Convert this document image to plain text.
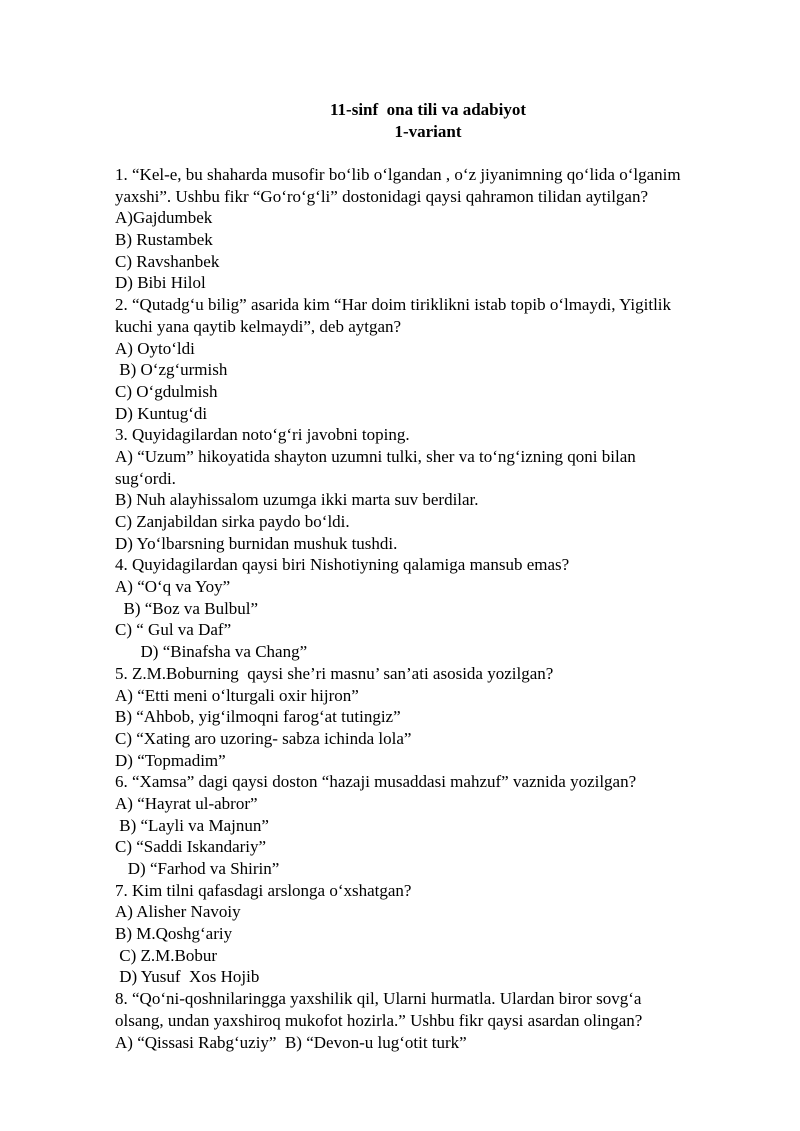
11-sinf  ona tili va adabiyot
1-variant
1. “Kel-e, bu shaharda musofir bo‘lib o‘lgandan , o‘z jiyanimning qo‘lida o‘lganim
yaxshi”. Ushbu fikr “Go‘ro‘g‘li” dostonidagi qaysi qahramon tilidan aytilgan?
A)Gajdumbek
B) Rustambek
C) Ravshanbek
D) Bibi Hilol
2. “Qutadg‘u bilig” asarida kim “Har doim tiriklikni istab topib o‘lmaydi, Yigitlik
kuchi yana qaytib kelmaydi”, deb aytgan?
A) Oyto‘ldi
B) O‘zg‘urmish
C) O‘gdulmish
D) Kuntug‘di
3. Quyidagilardan noto‘g‘ri javobni toping.
A) “Uzum” hikoyatida shayton uzumni tulki, sher va to‘ng‘izning qoni bilan
sug‘ordi.
B) Nuh alayhissalom uzumga ikki marta suv berdilar.
C) Zanjabildan sirka paydo bo‘ldi.
D) Yo‘lbarsning burnidan mushuk tushdi.
4. Quyidagilardan qaysi biri Nishotiyning qalamiga mansub emas?
A) “O‘q va Yoy”
B) “Boz va Bulbul”
C) “ Gul va Daf”
D) “Binafsha va Chang”
5. Z.M.Boburning  qaysi she’ri masnu’ san’ati asosida yozilgan?
A) “Etti meni o‘lturgali oxir hijron”
B) “Ahbob, yig‘ilmoqni farog‘at tutingiz”
C) “Xating aro uzoring- sabza ichinda lola”
D) “Topmadim”
6. “Xamsa” dagi qaysi doston “hazaji musaddasi mahzuf” vaznida yozilgan?
A) “Hayrat ul-abror”
B) “Layli va Majnun”
C) “Saddi Iskandariy”
D) “Farhod va Shirin”
7. Kim tilni qafasdagi arslonga o‘xshatgan?
A) Alisher Navoiy
B) M.Qoshg‘ariy
C) Z.M.Bobur
D) Yusuf  Xos Hojib
8. “Qo‘ni-qoshnilaringga yaxshilik qil, Ularni hurmatla. Ulardan biror sovg‘a
olsang, undan yaxshiroq mukofot hozirla.” Ushbu fikr qaysi asardan olingan?
A) “Qissasi Rabg‘uziy”  B) “Devon-u lug‘otit turk”
